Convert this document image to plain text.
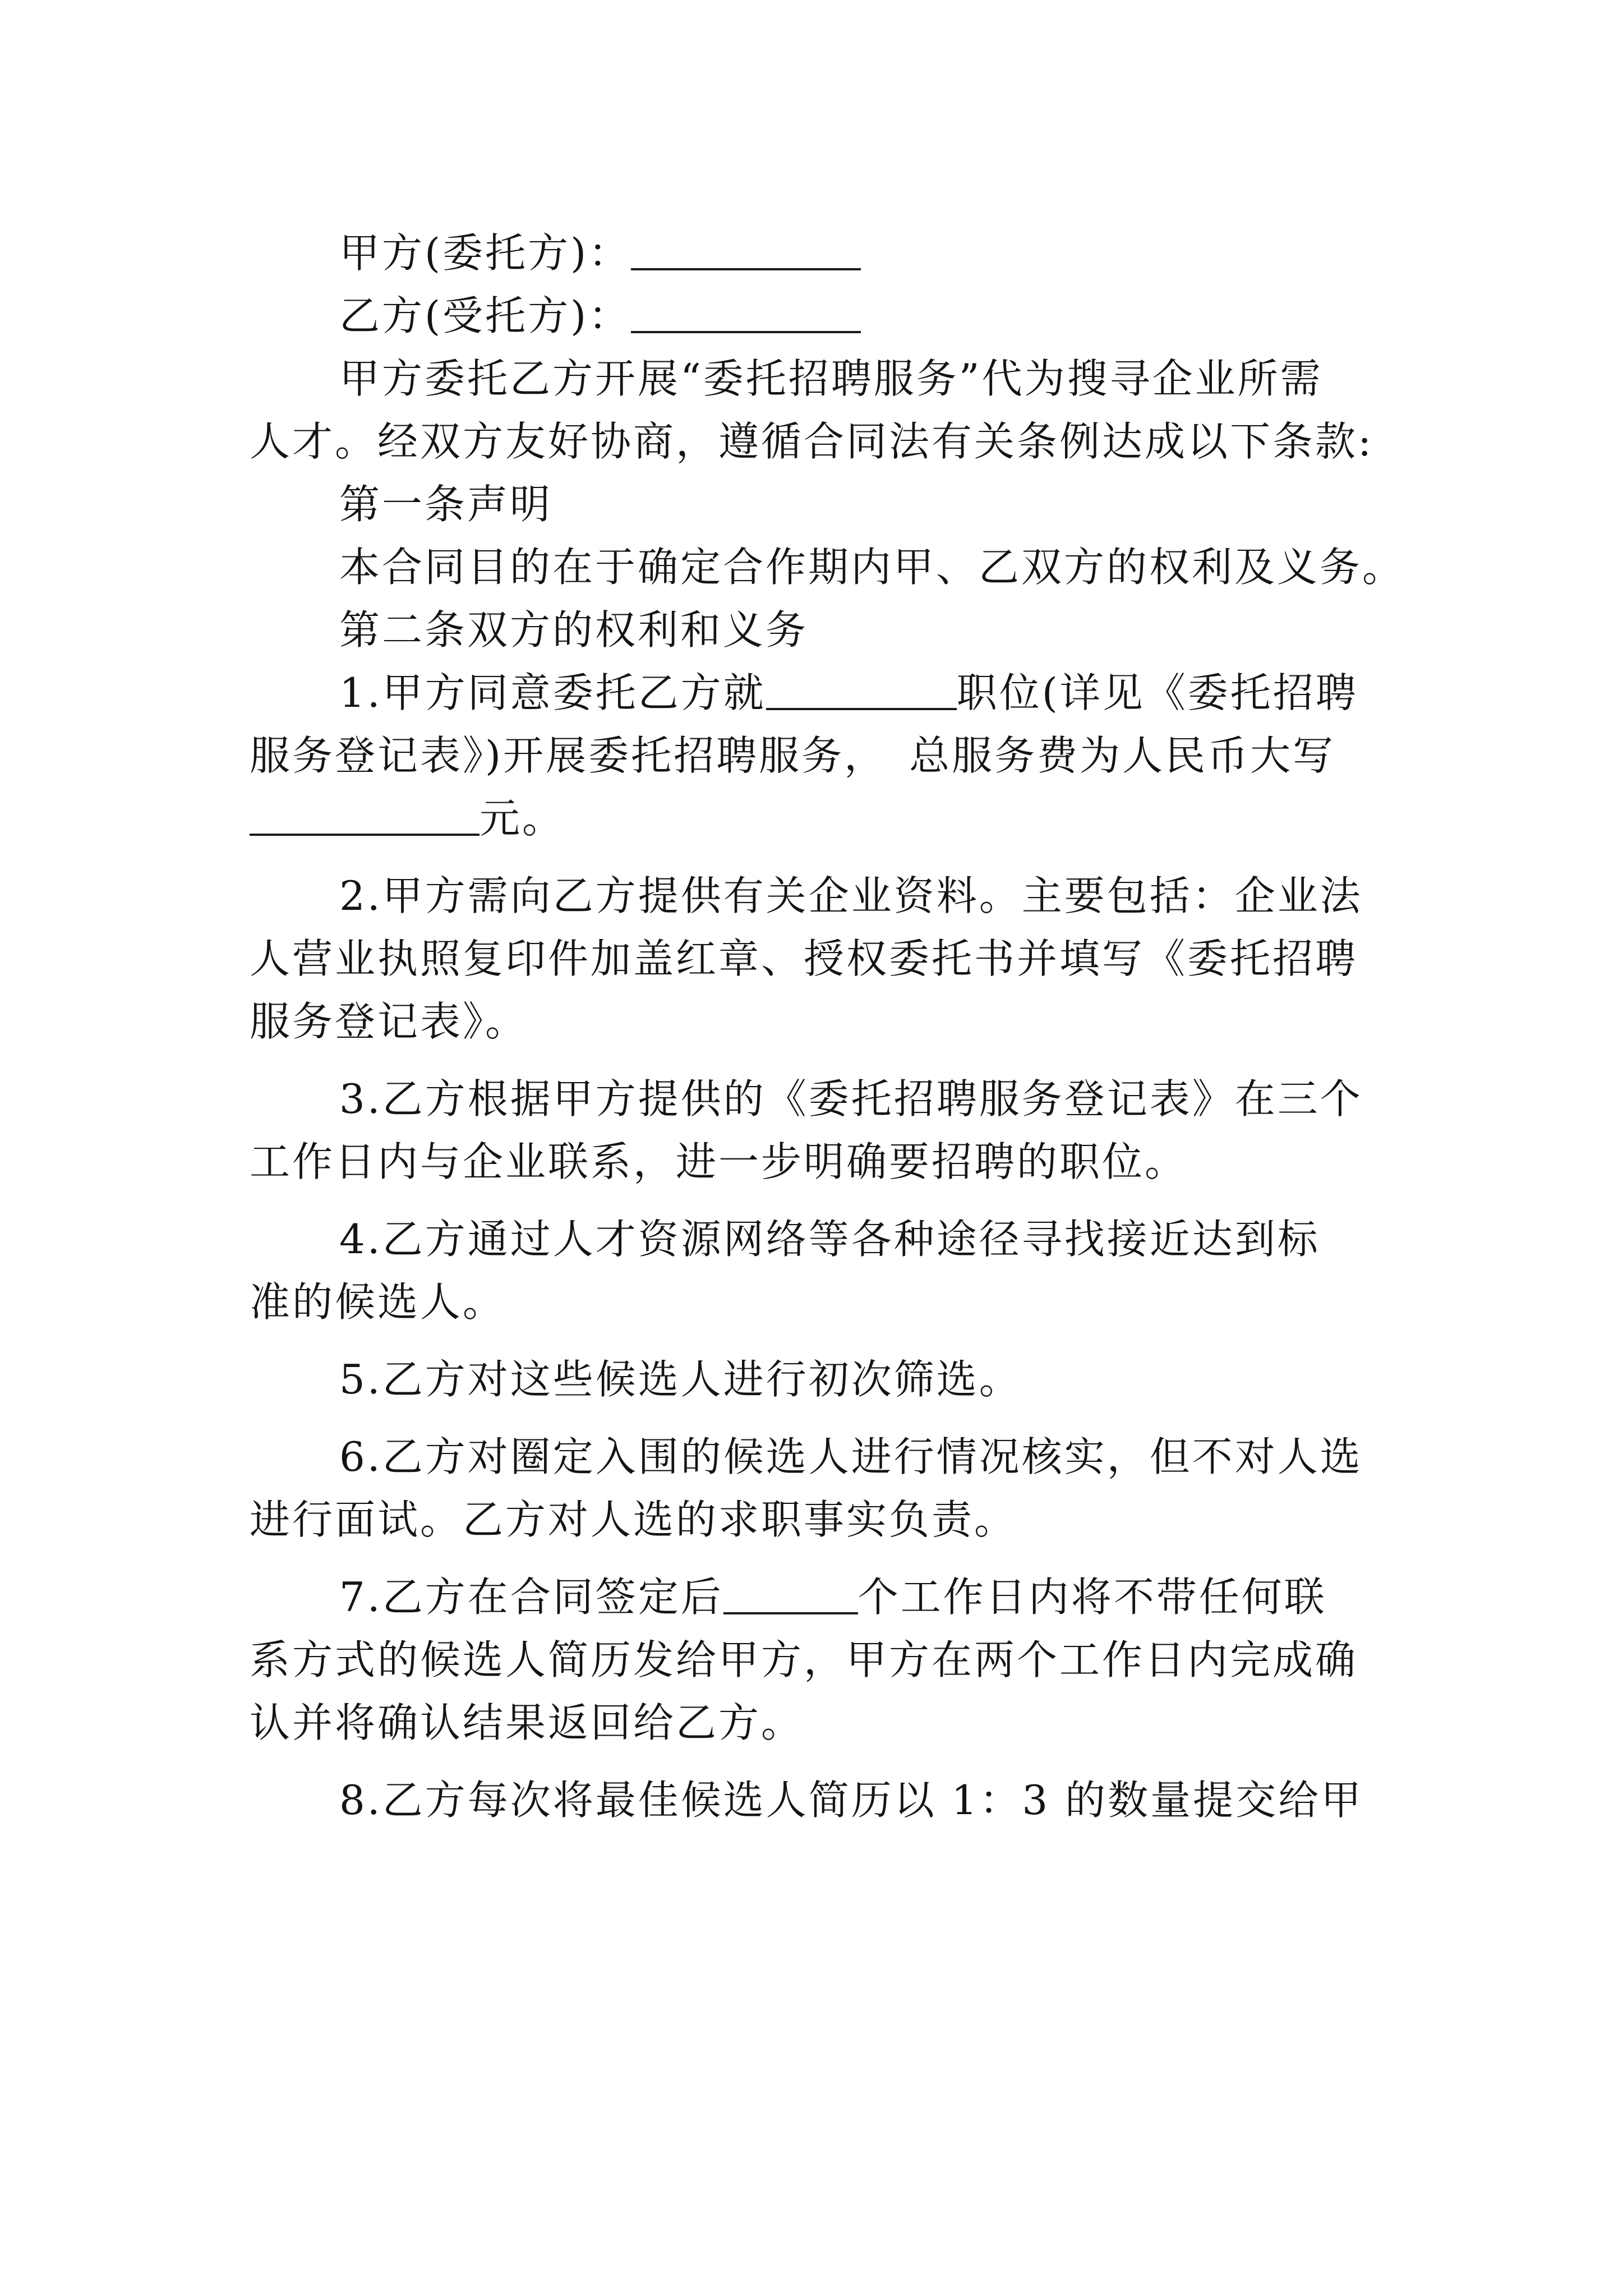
甲方(委托方)：
乙方(受托方)：
甲方委托乙方开展“委托招聘服务”代为搜寻企业所需
人才。经双方友好协商，遵循合同法有关条例达成以下条款:
第一条声明
本合同目的在于确定合作期内甲、乙双方的权利及义务。
第二条双方的权利和义务
1.甲方同意委托乙方就	职位(详见《委托招聘
服务登记表》)开展委托招聘服务，　总服务费为人民币大写
元。
2.甲方需向乙方提供有关企业资料。主要包括：企业法
人营业执照复印件加盖红章、授权委托书并填写《委托招聘
服务登记表》。
3.乙方根据甲方提供的《委托招聘服务登记表》在三个
工作日内与企业联系，进一步明确要招聘的职位。
4.乙方通过人才资源网络等各种途径寻找接近达到标
准的候选人。
5.乙方对这些候选人进行初次筛选。
6.乙方对圈定入围的候选人进行情况核实，但不对人选
进行面试。乙方对人选的求职事实负责。
7.乙方在合同签定后	个工作日内将不带任何联
系方式的候选人简历发给甲方，甲方在两个工作日内完成确
认并将确认结果返回给乙方。
8.乙方每次将最佳候选人简历以 1：3 的数量提交给甲
